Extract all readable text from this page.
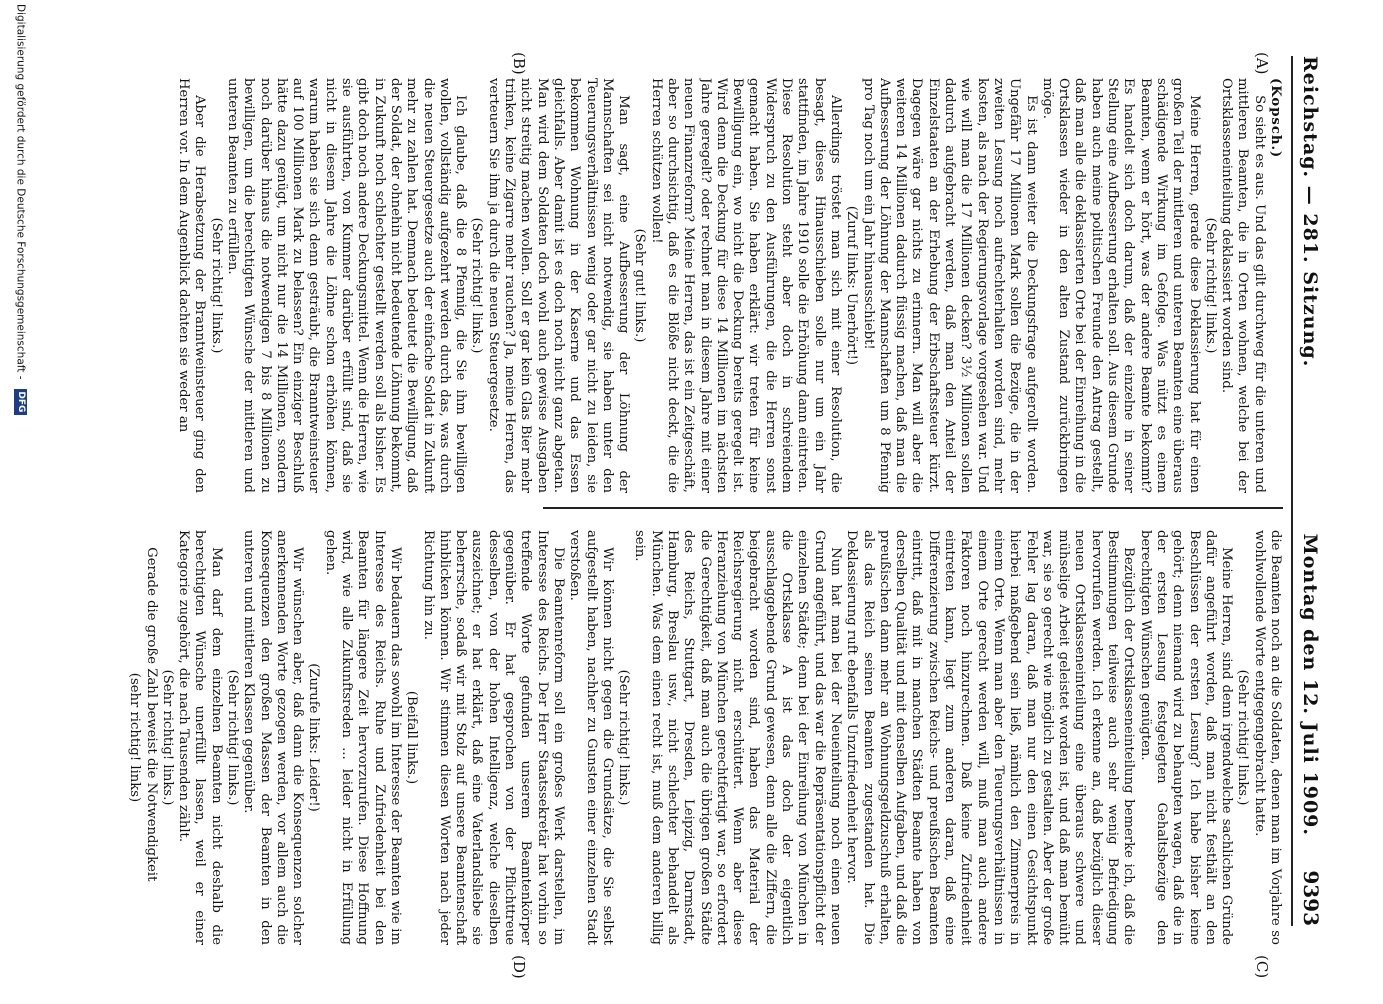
Reichstag. — 281. Sitzung.
Montag den 12. Juli 1909.
9393
(A)
(B)
(C)
(D)

(Kopsch.)

So sieht es aus. Und das gilt durchweg für die unteren und mittleren Beamten, die in Orten wohnen, welche bei der Ortsklasseneinteilung deklassiert worden sind.

(Sehr richtig! links.)

Meine Herren, gerade diese Deklassierung hat für einen großen Teil der mittleren und unteren Beamten eine überaus schädigende Wirkung im Gefolge. Was nützt es einem Beamten, wenn er hört, was der andere Beamte bekommt? Es handelt sich doch darum, daß der einzelne in seiner Stellung eine Aufbesserung erhalten soll. Aus diesem Grunde haben auch meine politischen Freunde den Antrag gestellt, daß man alle die deklassierten Orte bei der Einreihung in die Ortsklassen wieder in den alten Zustand zurückbringen möge.

Es ist dann weiter die Deckungsfrage aufgerollt worden. Ungefähr 17 Millionen Mark sollen die Bezüge, die in der zweiten Lesung noch aufrechterhalten worden sind, mehr kosten, als nach der Regierungsvorlage vorgesehen war. Und wie will man die 17 Millionen decken? 3½ Millionen sollen dadurch aufgebracht werden, daß man den Anteil der Einzelstaaten an der Erhebung der Erbschaftssteuer kürzt. Dagegen wäre gar nichts zu erinnern. Man will aber die weiteren 14 Millionen dadurch flüssig machen, daß man die Aufbesserung der Löhnung der Mannschaften um 8 Pfennig pro Tag noch um ein Jahr hinausschiebt!

(Zuruf links: Unerhört!)

Allerdings tröstet man sich mit einer Resolution, die besagt, dieses Hinausschieben solle nur um ein Jahr stattfinden, im Jahre 1910 solle die Erhöhung dann eintreten. Diese Resolution steht aber doch in schreiendem Widerspruch zu den Ausführungen, die die Herren sonst gemacht haben. Sie haben erklärt: wir treten für keine Bewilligung ein, wo nicht die Deckung bereits geregelt ist. Wird denn die Deckung für diese 14 Millionen im nächsten Jahre geregelt? oder rechnet man in diesem Jahre mit einer neuen Finanzreform? Meine Herren, das ist ein Zeitgeschäft, aber so durchsichtig, daß es die Blöße nicht deckt, die die Herren schützen wollen!

(Sehr gut! links.)

Man sagt, eine Aufbesserung der Löhnung der Mannschaften sei nicht notwendig, sie haben unter den Teuerungsverhältnissen wenig oder gar nicht zu leiden, sie bekommen Wohnung in der Kaserne und das Essen gleichfalls. Aber damit ist es doch noch nicht ganz abgetan. Man wird dem Soldaten doch wohl auch gewisse Ausgaben nicht streitig machen wollen. Soll er gar kein Glas Bier mehr trinken, keine Zigarre mehr rauchen? Ja, meine Herren, das verteuern Sie ihm ja durch die neuen Steuergesetze.

(Sehr richtig! links.)

Ich glaube, daß die 8 Pfennig, die Sie ihm bewilligen wollen, vollständig aufgezehrt werden durch das, was durch die neuen Steuergesetze auch der einfache Soldat in Zukunft mehr zu zahlen hat. Demnach bedeutet die Bewilligung, daß der Soldat, der ohnehin nicht bedeutende Löhnung bekommt, in Zukunft noch schlechter gestellt werden soll als bisher. Es gibt doch noch andere Deckungsmittel. Wenn die Herren, wie sie ausführten, von Kummer darüber erfüllt sind, daß sie nicht in diesem Jahre die Löhne schon erhöhen können, warum haben sie sich denn gesträubt, die Branntweinsteuer auf 100 Millionen Mark zu belassen? Ein einziger Beschluß hätte dazu genügt, um nicht nur die 14 Millionen, sondern noch darüber hinaus die notwendigen 7 bis 8 Millionen zu bewilligen, um die berechtigten Wünsche der mittleren und unteren Beamten zu erfüllen.

(Sehr richtig! links.)

Aber die Herabsetzung der Branntweinsteuer ging den Herren vor. In dem Augenblick dachten sie weder an

die Beamten noch an die Soldaten, denen man im Vorjahre so wohlwollende Worte entgegengebracht hatte.

(Sehr richtig! links.)

Meine Herren, sind denn irgendwelche sachlichen Gründe dafür angeführt worden, daß man nicht festhält an den Beschlüssen der ersten Lesung? Ich habe bisher keine gehört; denn niemand wird zu behaupten wagen, daß die in der ersten Lesung festgelegten Gehaltsbezüge den berechtigten Wünschen genügten.

Bezüglich der Ortsklasseneinteilung bemerke ich, daß die Bestimmungen teilweise auch sehr wenig Befriedigung hervorrufen werden. Ich erkenne an, daß bezüglich dieser neuen Ortsklasseneinteilung eine überaus schwere und mühselige Arbeit geleistet worden ist, und daß man bemüht war, sie so gerecht wie möglich zu gestalten. Aber der große Fehler lag daran, daß man nur den einen Gesichtspunkt hierbei maßgebend sein ließ, nämlich den Zimmerpreis in einem Orte. Wenn man aber den Teuerungsverhältnissen in einem Orte gerecht werden will, muß man auch andere Faktoren noch hinzurechnen. Daß keine Zufriedenheit eintreten kann, liegt zum anderen daran, daß eine Differenzierung zwischen Reichs- und preußischen Beamten eintritt, daß mit in manchen Städten Beamte haben von derselben Qualität und mit denselben Aufgaben, und daß die preußischen dann mehr an Wohnungsgeldzuschuß erhalten, als das Reich seinen Beamten zugestanden hat. Die Deklassierung ruft ebenfalls Unzufriedenheit hervor.

Nun hat man bei der Neueinteilung noch einen neuen Grund angeführt, und das war die Repräsentationspflicht der einzelnen Städte; denn bei der Einreihung von München in die Ortsklasse A ist das doch der eigentlich ausschlaggebende Grund gewesen, denn alle die Ziffern, die beigebracht worden sind, haben das Material der Reichsregierung nicht erschüttert. Wenn aber diese Heranziehung von München gerechtfertigt war, so erfordert die Gerechtigkeit, daß man auch die übrigen großen Städte des Reichs, Stuttgart, Dresden, Leipzig, Darmstadt, Hamburg, Breslau usw., nicht schlechter behandelt als München. Was dem einen recht ist, muß dem anderen billig sein.

(Sehr richtig! links.)

Wir können nicht gegen die Grundsätze, die Sie selbst aufgestellt haben, nachher zu Gunsten einer einzelnen Stadt verstoßen.

Die Beamtenreform soll ein großes Werk darstellen, im Interesse des Reichs. Der Herr Staatssekretär hat vorhin so treffende Worte gefunden unserem Beamtenkörper gegenüber. Er hat gesprochen von der Pflichttreue desselben, von der hohen Intelligenz, welche dieselben auszeichnet; er hat erklärt, daß eine Vaterlandsliebe sie beherrsche, sodaß wir mit Stolz auf unsere Beamtenschaft hinblicken können. Wir stimmen diesen Worten nach jeder Richtung hin zu.

(Beifall links.)

Wir bedauern das sowohl im Interesse der Beamten wie im Interesse des Reichs. Ruhe und Zufriedenheit bei den Beamten für längere Zeit hervorzurufen. Diese Hoffnung wird, wie alle Zukunftsreden ... leider nicht in Erfüllung gehen.

(Zurufe links: Leider!)

Wir wünschen aber, daß dann die Konsequenzen solcher anerkennenden Worte gezogen werden, vor allem auch die Konsequenzen den großen Massen der Beamten in den unteren und mittleren Klassen gegenüber.

(Sehr richtig! links.)

Man darf dem einzelnen Beamten nicht deshalb die berechtigten Wünsche unerfüllt lassen, weil er einer Kategorie zugehört, die nach Tausenden zählt.

(Sehr richtig! links.)

Gerade die große Zahl beweist die Notwendigkeit

(sehr richtig! links)

Digitalisierung gefördert durch die Deutsche Forschungsgemeinschaft - DFG
